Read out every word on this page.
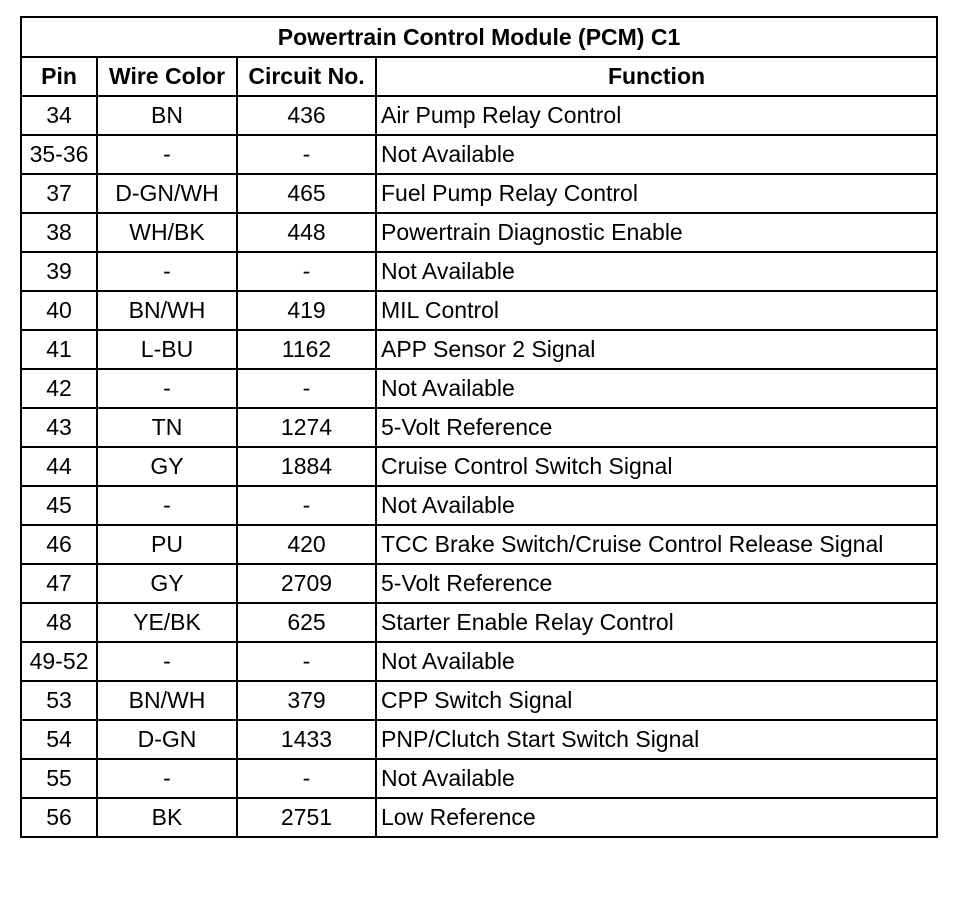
Powertrain Control Module (PCM) C1			
Pin	Wire Color	Circuit No.	Function
34	BN	436	Air Pump Relay Control
35-36	-	-	Not Available
37	D-GN/WH	465	Fuel Pump Relay Control
38	WH/BK	448	Powertrain Diagnostic Enable
39	-	-	Not Available
40	BN/WH	419	MIL Control
41	L-BU	1162	APP Sensor 2 Signal
42	-	-	Not Available
43	TN	1274	5-Volt Reference
44	GY	1884	Cruise Control Switch Signal
45	-	-	Not Available
46	PU	420	TCC Brake Switch/Cruise Control Release Signal
47	GY	2709	5-Volt Reference
48	YE/BK	625	Starter Enable Relay Control
49-52	-	-	Not Available
53	BN/WH	379	CPP Switch Signal
54	D-GN	1433	PNP/Clutch Start Switch Signal
55	-	-	Not Available
56	BK	2751	Low Reference
